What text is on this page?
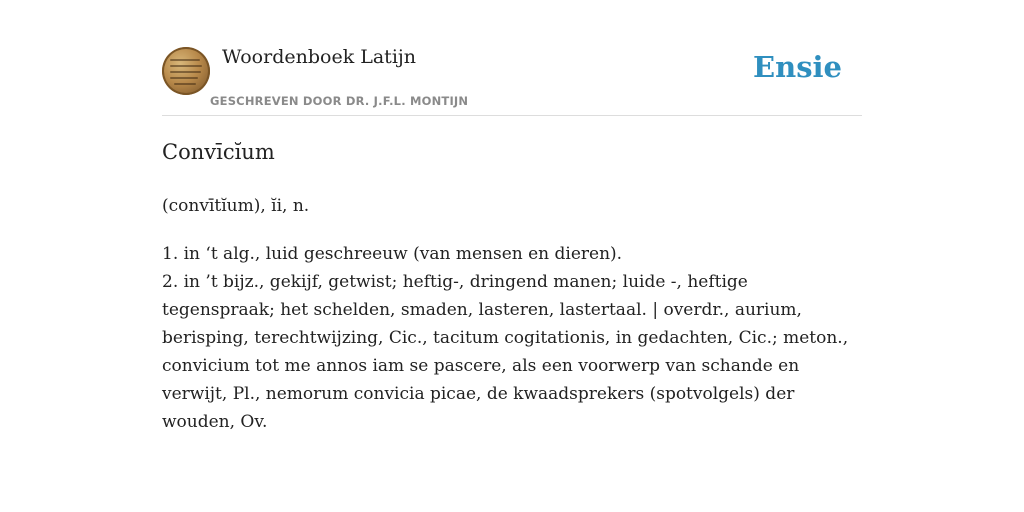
Woordenboek Latijn
GESCHREVEN DOOR DR. J.F.L. MONTIJN
Ensie
Convīcĭum
(convītĭum), ĭi, n.

1. in ‘t alg., luid geschreeuw (van mensen en dieren).

2. in ’t bijz., gekijf, getwist; heftig-, dringend manen; luide -, heftige tegenspraak; het schelden, smaden, lasteren, lastertaal. | overdr., aurium, berisping, terechtwijzing, Cic., tacitum cogitationis, in gedachten, Cic.; meton., convicium tot me annos iam se pascere, als een voorwerp van schande en verwijt, Pl., nemorum convicia picae, de kwaadsprekers (spotvolgels) der wouden, Ov.
